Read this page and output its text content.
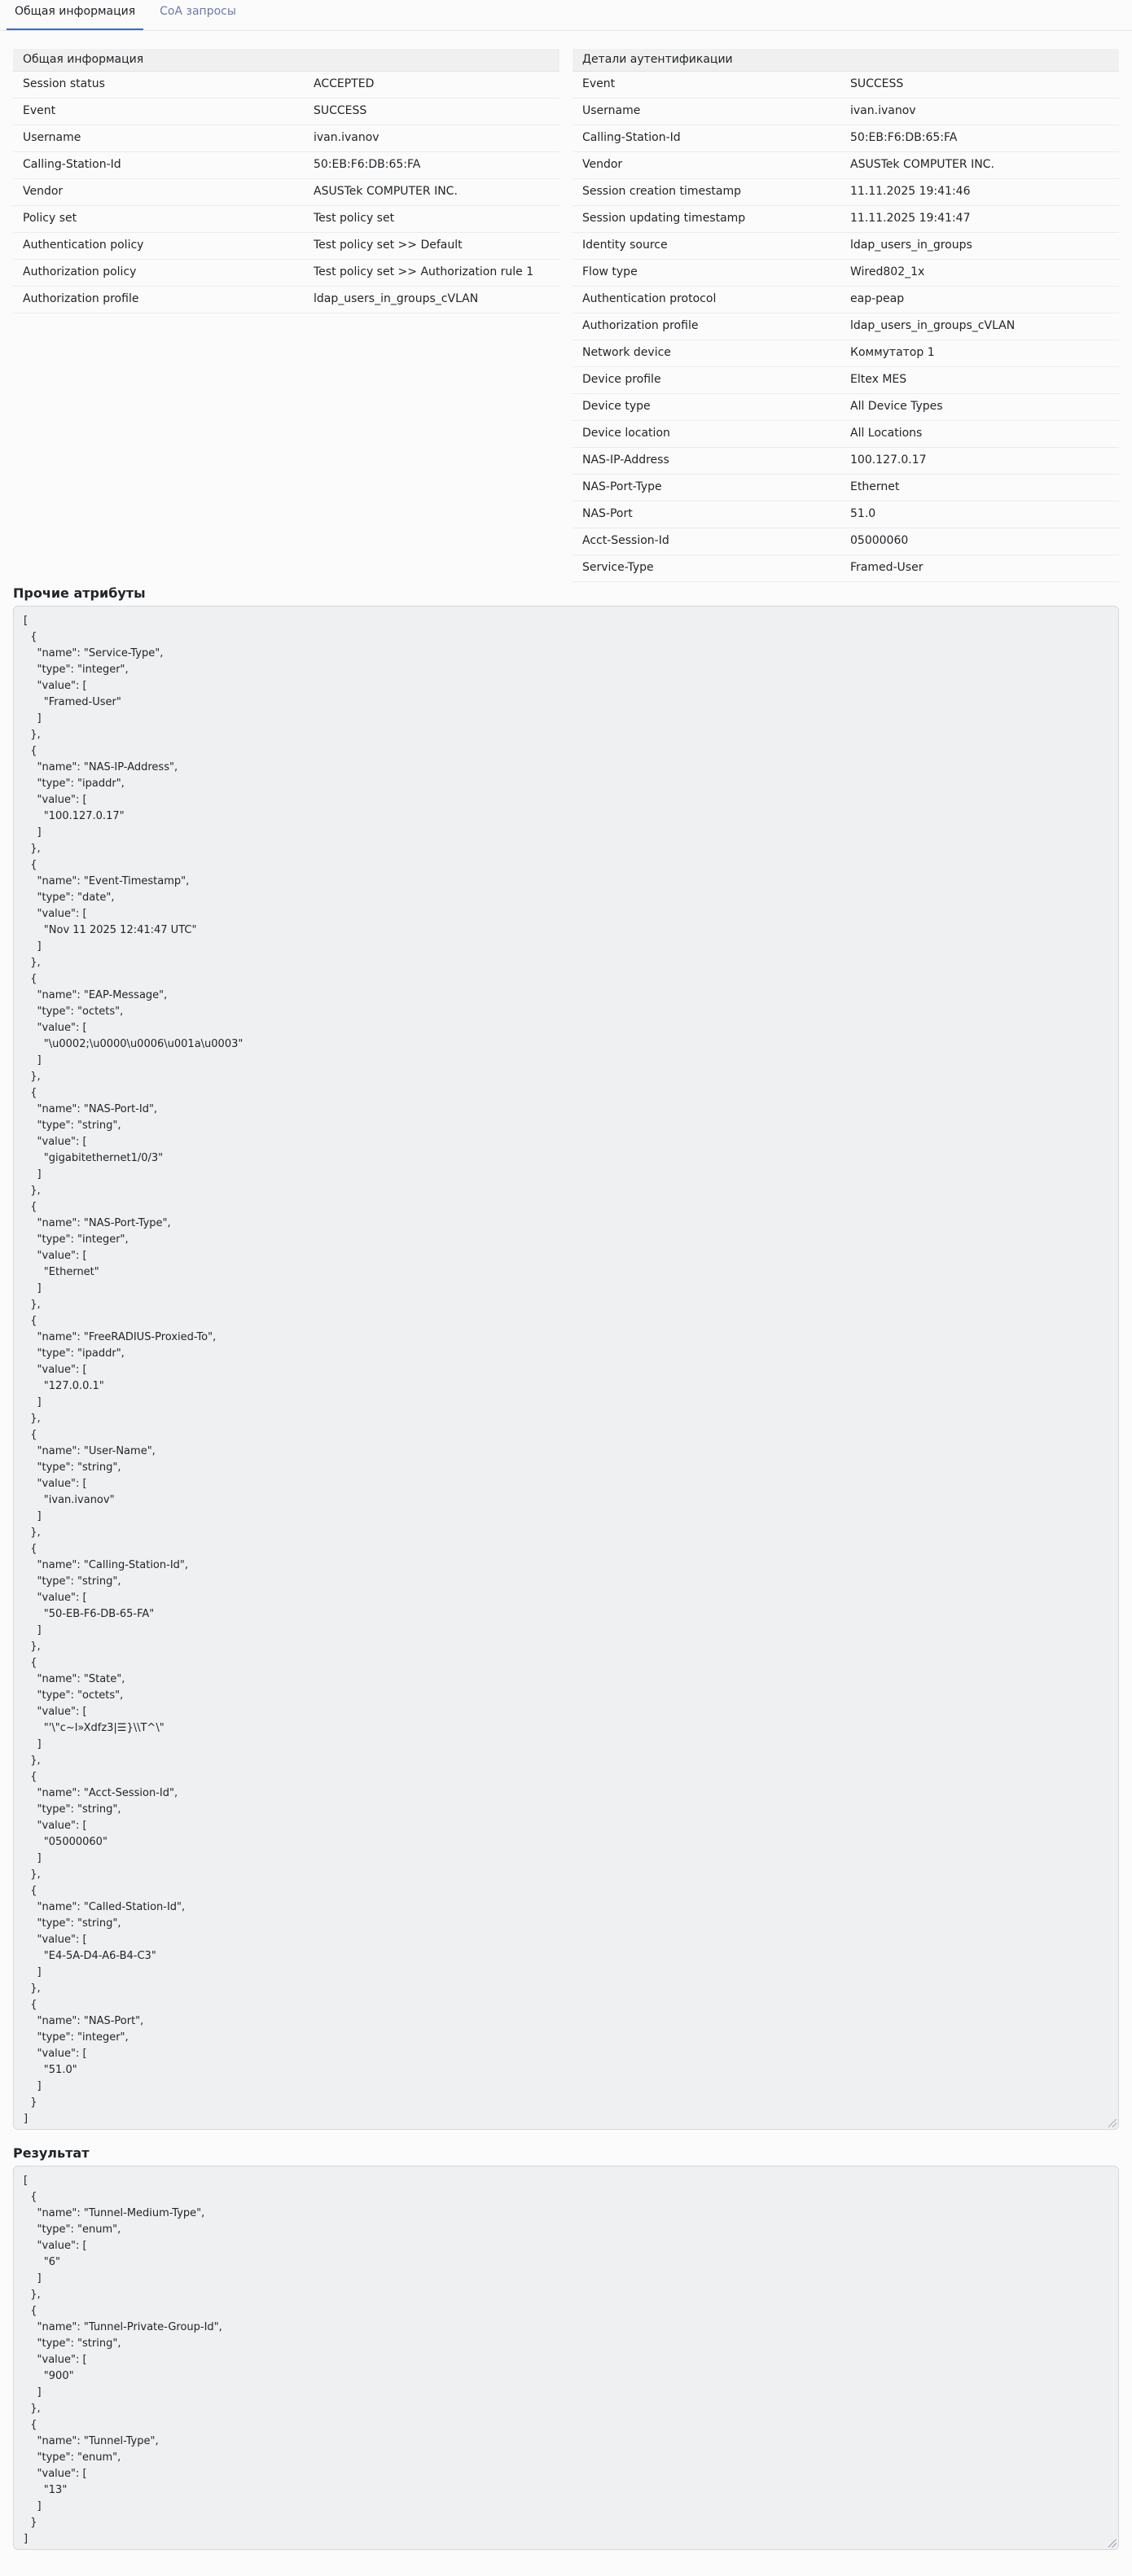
Общая информация	CoA запросы
Общая информация
Session status	ACCEPTED
Event	SUCCESS
Username	ivan.ivanov
Calling-Station-Id	50:EB:F6:DB:65:FA
Vendor	ASUSTek COMPUTER INC.
Policy set	Test policy set
Authentication policy	Test policy set >> Default
Authorization policy	Test policy set >> Authorization rule 1
Authorization profile	ldap_users_in_groups_cVLAN
Детали аутентификации
Event	SUCCESS
Username	ivan.ivanov
Calling-Station-Id	50:EB:F6:DB:65:FA
Vendor	ASUSTek COMPUTER INC.
Session creation timestamp	11.11.2025 19:41:46
Session updating timestamp	11.11.2025 19:41:47
Identity source	ldap_users_in_groups
Flow type	Wired802_1x
Authentication protocol	eap-peap
Authorization profile	ldap_users_in_groups_cVLAN
Network device	Коммутатор 1
Device profile	Eltex MES
Device type	All Device Types
Device location	All Locations
NAS-IP-Address	100.127.0.17
NAS-Port-Type	Ethernet
NAS-Port	51.0
Acct-Session-Id	05000060
Service-Type	Framed-User
Прочие атрибуты
[
{
"name": "Service-Type",
"type": "integer",
"value": [
"Framed-User"
]
},
{
"name": "NAS-IP-Address",
"type": "ipaddr",
"value": [
"100.127.0.17"
]
},
{
"name": "Event-Timestamp",
"type": "date",
"value": [
"Nov 11 2025 12:41:47 UTC"
]
},
{
"name": "EAP-Message",
"type": "octets",
"value": [
"\u0002;\u0000\u0006\u001a\u0003"
]
},
{
"name": "NAS-Port-Id",
"type": "string",
"value": [
"gigabitethernet1/0/3"
]
},
{
"name": "NAS-Port-Type",
"type": "integer",
"value": [
"Ethernet"
]
},
{
"name": "FreeRADIUS-Proxied-To",
"type": "ipaddr",
"value": [
"127.0.0.1"
]
},
{
"name": "User-Name",
"type": "string",
"value": [
"ivan.ivanov"
]
},
{
"name": "Calling-Station-Id",
"type": "string",
"value": [
"50-EB-F6-DB-65-FA"
]
},
{
"name": "State",
"type": "octets",
"value": [
"'\"c~l»Xdfz3|☰}\\T^\"
]
},
{
"name": "Acct-Session-Id",
"type": "string",
"value": [
"05000060"
]
},
{
"name": "Called-Station-Id",
"type": "string",
"value": [
"E4-5A-D4-A6-B4-C3"
]
},
{
"name": "NAS-Port",
"type": "integer",
"value": [
"51.0"
]
}
]
Результат
[
{
"name": "Tunnel-Medium-Type",
"type": "enum",
"value": [
"6"
]
},
{
"name": "Tunnel-Private-Group-Id",
"type": "string",
"value": [
"900"
]
},
{
"name": "Tunnel-Type",
"type": "enum",
"value": [
"13"
]
}
]
